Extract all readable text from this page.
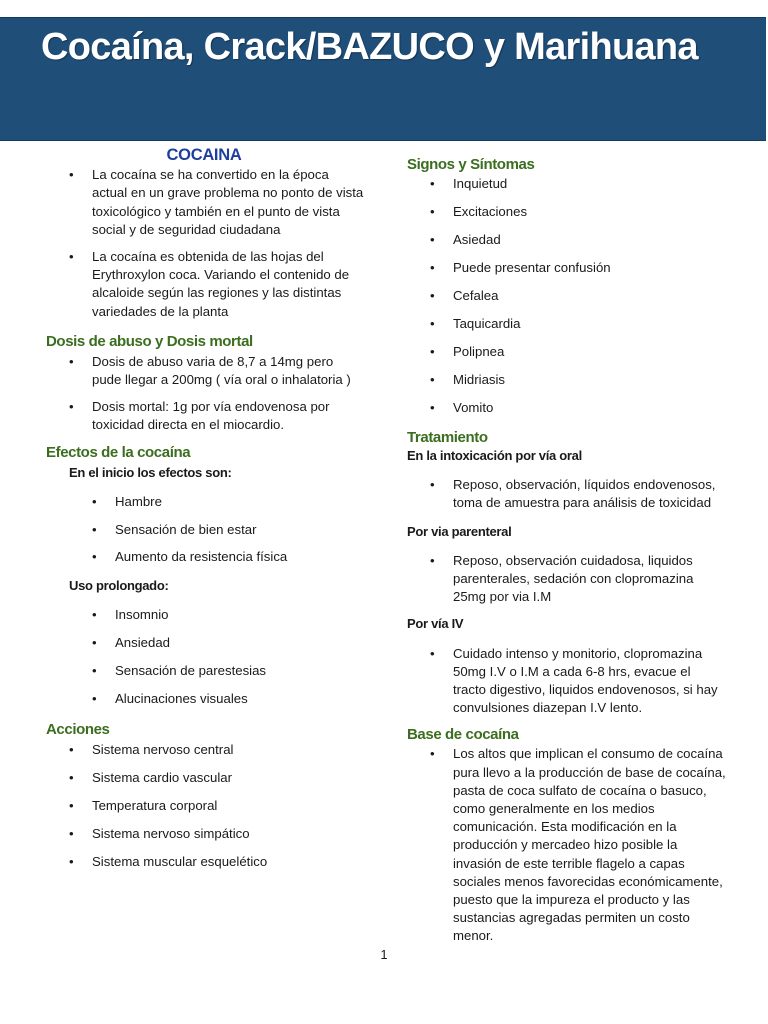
Cocaína, Crack/BAZUCO y Marihuana
COCAINA
• La cocaína se ha convertido en la época actual en un grave problema no ponto de vista toxicológico y también en el punto de vista social y de seguridad ciudadana
• La cocaína es obtenida de las hojas del Erythroxylon coca. Variando el contenido de alcaloide según las regiones y las distintas variedades de la planta
Dosis de abuso y Dosis mortal
• Dosis de abuso varia de 8,7 a 14mg pero pude llegar a 200mg ( vía oral o inhalatoria )
• Dosis mortal: 1g por vía endovenosa por toxicidad directa en el miocardio.
Efectos de la cocaína
En el inicio los efectos son:
• Hambre
• Sensación de bien estar
• Aumento da resistencia física
Uso prolongado:
• Insomnio
• Ansiedad
• Sensación de parestesias
• Alucinaciones visuales
Acciones
• Sistema nervoso central
• Sistema cardio vascular
• Temperatura corporal
• Sistema nervoso simpático
• Sistema muscular esquelético
Signos y Síntomas
• Inquietud
• Excitaciones
• Asiedad
• Puede presentar confusión
• Cefalea
• Taquicardia
• Polipnea
• Midriasis
• Vomito
Tratamiento
En la intoxicación por vía oral
• Reposo, observación, líquidos endovenosos, toma de amuestra para análisis de toxicidad
Por via parenteral
• Reposo, observación cuidadosa, liquidos parenterales, sedación con clopromazina 25mg por via I.M
Por vía IV
• Cuidado intenso y monitorio, clopromazina 50mg I.V o I.M a cada 6-8 hrs, evacue el tracto digestivo, liquidos endovenosos, si hay convulsiones diazepan I.V lento.
Base de cocaína
• Los altos que implican el consumo de cocaína pura llevo a la producción de base de cocaína, pasta de coca sulfato de cocaína o basuco, como generalmente en los medios comunicación. Esta modificación en la producción y mercadeo hizo posible la invasión de este terrible flagelo a capas sociales menos favorecidas económicamente, puesto que la impureza el producto y las sustancias agregadas permiten un costo menor.
1
